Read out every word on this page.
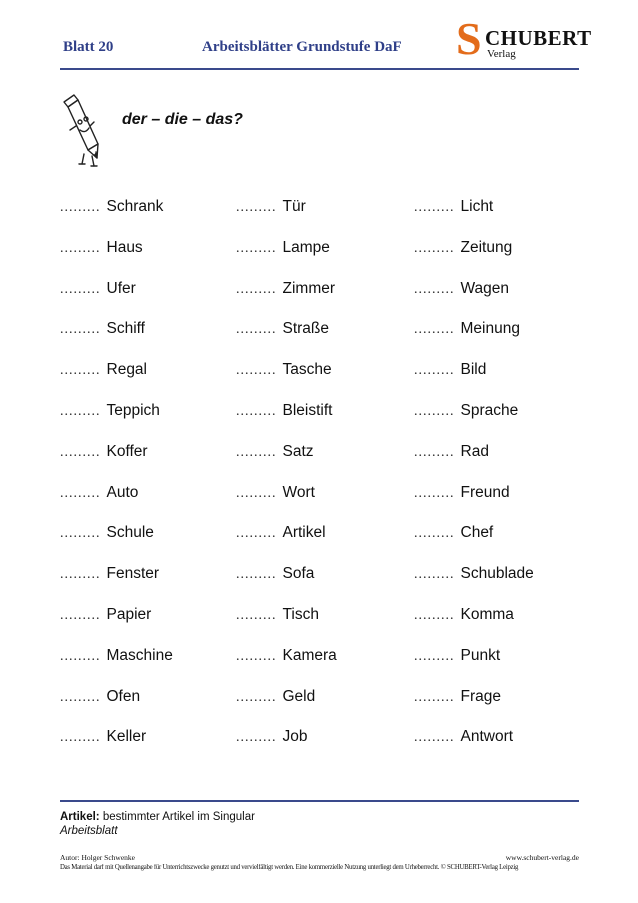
Blatt 20	Arbeitsblätter Grundstufe DaF S CHUBERT
Verlag
der – die – das?
......... Schrank	......... Tür	......... Licht
......... Haus	......... Lampe	......... Zeitung
......... Ufer	......... Zimmer	......... Wagen
......... Schiff	......... Straße	......... Meinung
......... Regal	......... Tasche	......... Bild
......... Teppich	......... Bleistift	......... Sprache
......... Koffer	......... Satz	......... Rad
......... Auto	......... Wort	......... Freund
......... Schule	......... Artikel	......... Chef
......... Fenster	......... Sofa	......... Schublade
......... Papier	......... Tisch	......... Komma
......... Maschine	......... Kamera	......... Punkt
......... Ofen	......... Geld	......... Frage
......... Keller	......... Job	......... Antwort
Artikel: bestimmter Artikel im Singular
Arbeitsblatt
Autor: Holger Schwenke	www.schubert-verlag.de
Das Material darf mit Quellenangabe für Unterrichtszwecke genutzt und vervielfältigt werden. Eine kommerzielle Nutzung unterliegt dem Urheberrecht. © SCHUBERT-Verlag Leipzig
